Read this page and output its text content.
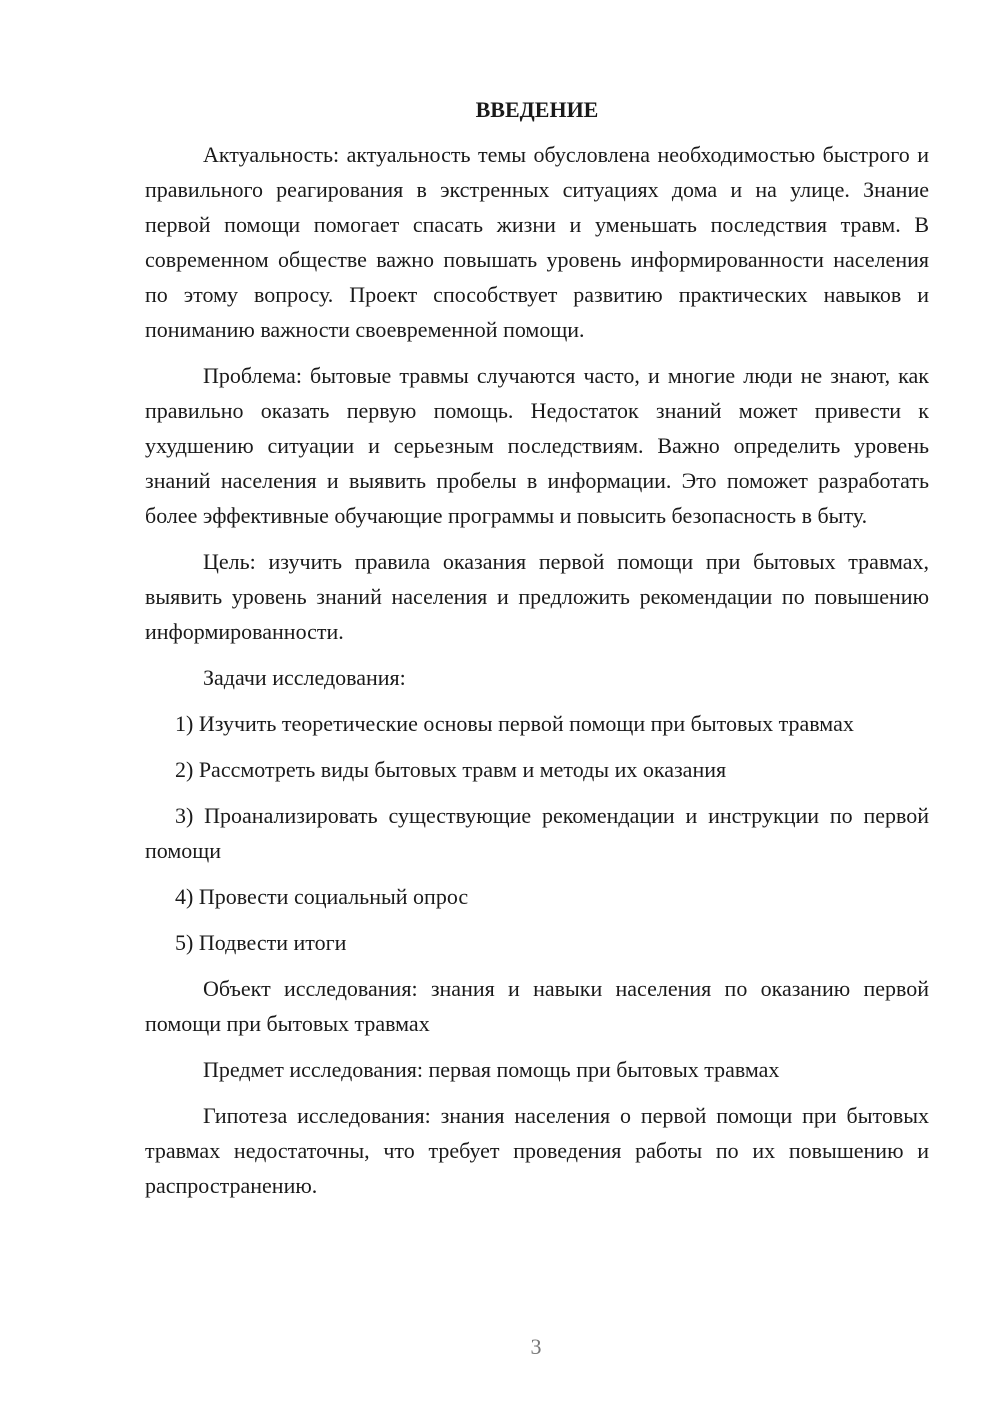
ВВЕДЕНИЕ

Актуальность: актуальность темы обусловлена необходимостью быстрого и правильного реагирования в экстренных ситуациях дома и на улице. Знание первой помощи помогает спасать жизни и уменьшать последствия травм. В современном обществе важно повышать уровень информированности населения по этому вопросу. Проект способствует развитию практических навыков и пониманию важности своевременной помощи.

Проблема: бытовые травмы случаются часто, и многие люди не знают, как правильно оказать первую помощь. Недостаток знаний может привести к ухудшению ситуации и серьезным последствиям. Важно определить уровень знаний населения и выявить пробелы в информации. Это поможет разработать более эффективные обучающие программы и повысить безопасность в быту.

Цель: изучить правила оказания первой помощи при бытовых травмах, выявить уровень знаний населения и предложить рекомендации по повышению информированности.

Задачи исследования:

1) Изучить теоретические основы первой помощи при бытовых травмах

2) Рассмотреть виды бытовых травм и методы их оказания

3) Проанализировать существующие рекомендации и инструкции по первой помощи

4) Провести социальный опрос

5) Подвести итоги

Объект исследования: знания и навыки населения по оказанию первой помощи при бытовых травмах

Предмет исследования: первая помощь при бытовых травмах

Гипотеза исследования: знания населения о первой помощи при бытовых травмах недостаточны, что требует проведения работы по их повышению и распространению.

3
